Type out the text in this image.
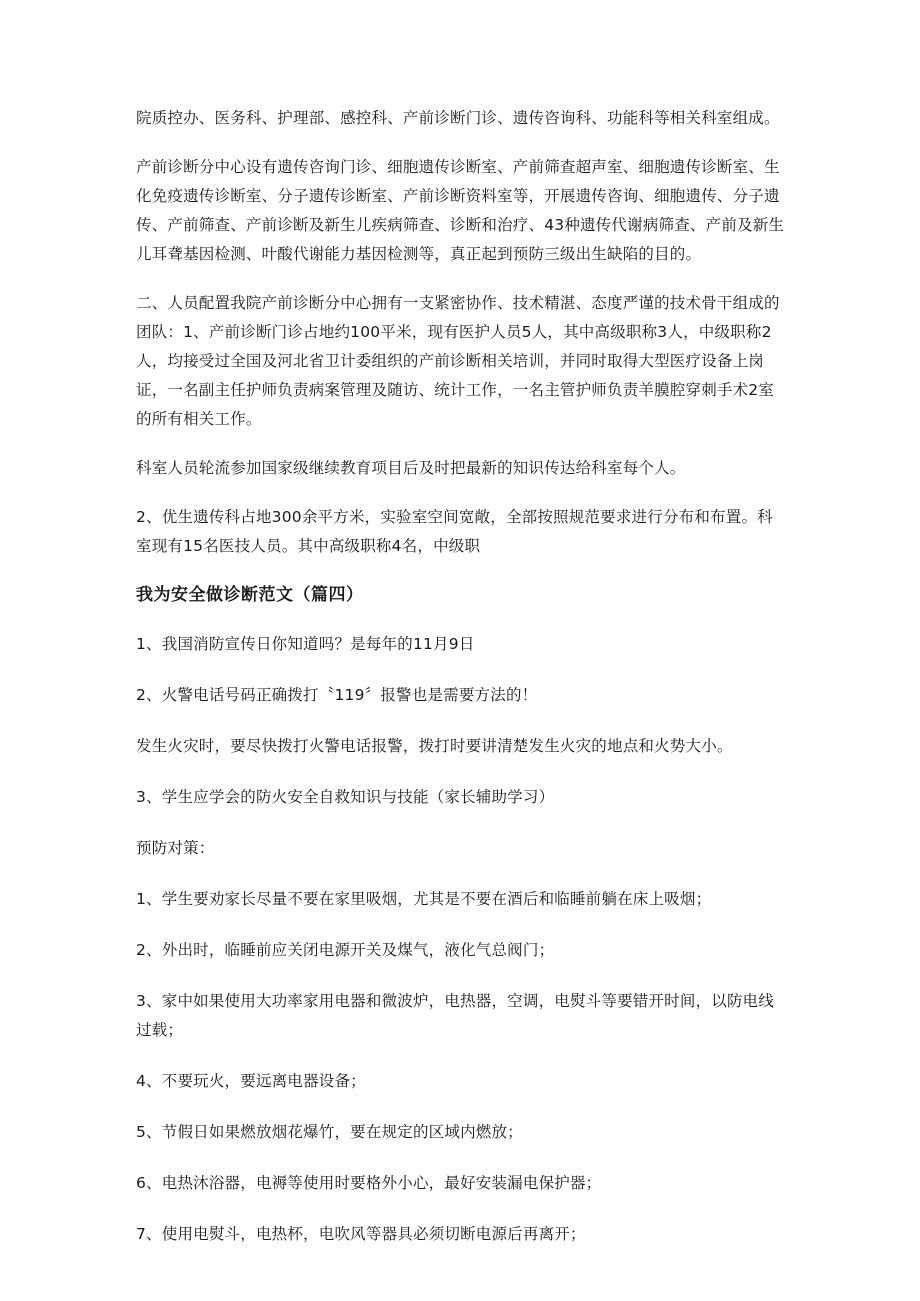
院质控办、医务科、护理部、感控科、产前诊断门诊、遗传咨询科、功能科等相关科室组成。

产前诊断分中心设有遗传咨询门诊、细胞遗传诊断室、产前筛查超声室、细胞遗传诊断室、生化免疫遗传诊断室、分子遗传诊断室、产前诊断资料室等，开展遗传咨询、细胞遗传、分子遗传、产前筛查、产前诊断及新生儿疾病筛查、诊断和治疗、43种遗传代谢病筛查、产前及新生儿耳聋基因检测、叶酸代谢能力基因检测等，真正起到预防三级出生缺陷的目的。

二、人员配置我院产前诊断分中心拥有一支紧密协作、技术精湛、态度严谨的技术骨干组成的团队：1、产前诊断门诊占地约100平米，现有医护人员5人，其中高级职称3人，中级职称2人，均接受过全国及河北省卫计委组织的产前诊断相关培训，并同时取得大型医疗设备上岗证，一名副主任护师负责病案管理及随访、统计工作，一名主管护师负责羊膜腔穿刺手术2室的所有相关工作。

科室人员轮流参加国家级继续教育项目后及时把最新的知识传达给科室每个人。

2、优生遗传科占地300余平方米，实验室空间宽敞，全部按照规范要求进行分布和布置。科室现有15名医技人员。其中高级职称4名，中级职

我为安全做诊断范文（篇四）

1、我国消防宣传日你知道吗？是每年的11月9日

2、火警电话号码正确拨打〝119〞报警也是需要方法的！

发生火灾时，要尽快拨打火警电话报警，拨打时要讲清楚发生火灾的地点和火势大小。

3、学生应学会的防火安全自救知识与技能（家长辅助学习）

预防对策：

1、学生要劝家长尽量不要在家里吸烟，尤其是不要在酒后和临睡前躺在床上吸烟；

2、外出时，临睡前应关闭电源开关及煤气，液化气总阀门；

3、家中如果使用大功率家用电器和微波炉，电热器，空调，电熨斗等要错开时间，以防电线过载；

4、不要玩火，要远离电器设备；

5、节假日如果燃放烟花爆竹，要在规定的区域内燃放；

6、电热沐浴器，电褥等使用时要格外小心，最好安装漏电保护器；

7、使用电熨斗，电热杯，电吹风等器具必须切断电源后再离开；
